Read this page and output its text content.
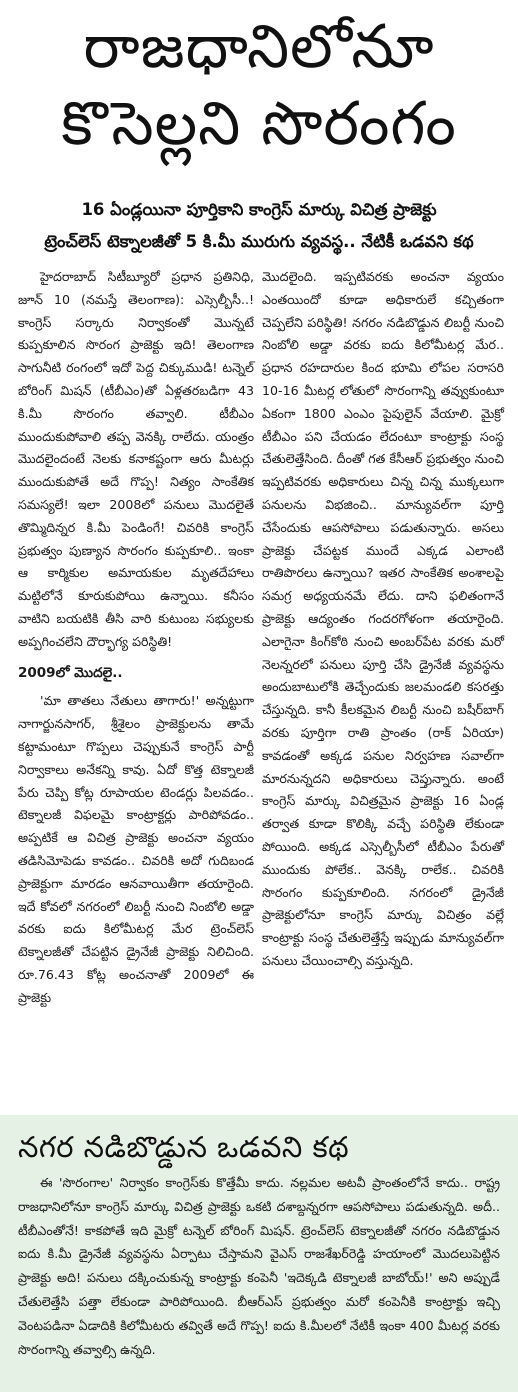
రాజధానిలోనూ
కొసెల్లని సొరంగం
16 ఏండ్లయినా పూర్తికాని కాంగ్రెస్ మార్కు విచిత్ర ప్రాజెక్టు
ట్రెంచ్‌లెస్ టెక్నాలజీతో 5 కి.మీ మురుగు వ్యవస్థ.. నేటికీ ఒడవని కథ

హైదరాబాద్ సిటీబ్యూరో ప్రధాన ప్రతినిధి, జూన్ 10 (నమస్తే తెలంగాణ): ఎస్సెల్బీసీ..! కాంగ్రెస్ సర్కారు నిర్వాకంతో మొన్నటే కుప్పకూలిన సొరంగ ప్రాజెక్టు ఇది! తెలంగాణ సాగునీటి రంగంలో ఇదో పెద్ద చిక్కుముడి! టన్నెల్ బోరింగ్ మిషన్ (టీబీఎం)తో ఏళ్లతరబడిగా 43 కి.మీ సొరంగం తవ్వాలి. టీబీఎం ముందుకుపోవాలి తప్ప వెనక్కి రాలేదు. యంత్రం మొదలైందంటే నెలకు కనాకష్టంగా ఆరు మీటర్లు ముందుకుపోతే అదే గొప్ప! నిత్యం సాంకేతిక సమస్యలే! ఇలా 2008లో పనులు మొదలైతే తొమ్మిదిన్నర కి.మీ పెండింగే! చివరికి కాంగ్రెస్ ప్రభుత్వం పుణ్యాన సొరంగం కుప్పకూలి.. ఇంకా ఆ కార్మికుల అమాయకుల మృతదేహాలు మట్టిలోనే కూరుకుపోయి ఉన్నాయి. కనీసం వాటిని బయటికి తీసి వారి కుటుంబ సభ్యులకు అప్పగించలేని దౌర్భాగ్య పరిస్థితి!

2009లో మొదలై..

'మా తాతలు నేతులు తాగారు!' అన్నట్టుగా నాగార్జునసాగర్, శ్రీశైలం ప్రాజెక్టులను తామే కట్టామంటూ గొప్పలు చెప్పుకునే కాంగ్రెస్ పార్టీ నిర్వాకాలు అనేకన్ని కావు. ఏదో కొత్త టెక్నాలజీ పేరు చెప్పి కోట్ల రూపాయల టెండర్లు పిలవడం.. టెక్నాలజీ విఫలమై కాంట్రాక్టర్లు పారిపోవడం.. అప్పటికే ఆ విచిత్ర ప్రాజెక్టు అంచనా వ్యయం తడిసిమోపెడు కావడం.. చివరికి అదో గుదిబండ ప్రాజెక్టుగా మారడం ఆనవాయితీగా తయారైంది. ఇదే కోవలో నగరంలో లిబర్టీ నుంచి నింబోలి అడ్డా వరకు ఐదు కిలోమీటర్ల మేర ట్రెంచ్‌లెస్ టెక్నాలజీతో చేపట్టిన డ్రైనేజీ ప్రాజెక్టు నిలిచింది. రూ.76.43 కోట్ల అంచనాతో 2009లో ఈ ప్రాజెక్టు

మొదలైంది. ఇప్పటివరకు అంచనా వ్యయం ఎంతయిందో కూడా అధికారులే కచ్చితంగా చెప్పలేని పరిస్థితి! నగరం నడిబొడ్డున లిబర్టీ నుంచి నింబోలి అడ్డా వరకు ఐదు కిలోమీటర్ల మేర.. ప్రధాన రహదారుల కింద భూమి లోపల సరాసరి 10-16 మీటర్ల లోతులో సొరంగాన్ని తవ్వుకుంటూ ఏకంగా 1800 ఎంఎం పైపులైన్ వేయాలి. మైక్రో టీబీఎం పని చేయడం లేదంటూ కాంట్రాక్టు సంస్థ చేతులెత్తేసింది. దీంతో గత కేసీఆర్ ప్రభుత్వం నుంచి ఇప్పటివరకు అధికారులు చిన్న చిన్న ముక్కలుగా పనులను విభజించి.. మాన్యువల్‌గా పూర్తి చేసేందుకు ఆపసోపాలు పడుతున్నారు. అసలు ప్రాజెక్టు చేపట్టక ముందే ఎక్కడ ఎలాంటి రాతిపొరలు ఉన్నాయి? ఇతర సాంకేతిక అంశాలపై సమగ్ర అధ్యయనమే లేదు. దాని ఫలితంగానే ప్రాజెక్టు ఆద్యంతం గందరగోళంగా తయారైంది. ఎలాగైనా కింగ్‌కోఠి నుంచి అంబర్‌పేట వరకు మరో నెలన్నరలో పనులు పూర్తి చేసి డ్రైనేజీ వ్యవస్థను అందుబాటులోకి తెచ్చేందుకు జలమండలి కసరత్తు చేస్తున్నది. కానీ కీలకమైన లిబర్టీ నుంచి బషీర్‌బాగ్ వరకు పూర్తిగా రాతి ప్రాంతం (రాక్ ఏరియా) కావడంతో అక్కడ పనుల నిర్వహణ సవాల్‌గా మారనున్నదని అధికారులు చెప్తున్నారు. అంటే కాంగ్రెస్ మార్కు విచిత్రమైన ప్రాజెక్టు 16 ఏండ్ల తర్వాత కూడా కొలిక్కి వచ్చే పరిస్థితి లేకుండా పోయింది. అక్కడ ఎస్సెల్బీసీలో టీబీఎం పేరుతో ముందుకు పోలేక.. వెనక్కి రాలేక.. చివరికి సొరంగం కుప్పకూలింది. నగరంలో డ్రైనేజీ ప్రాజెక్టులోనూ కాంగ్రెస్ మార్కు విచిత్రం వల్లే కాంట్రాక్టు సంస్థ చేతులెత్తేస్తే ఇప్పుడు మాన్యువల్‌గా పనులు చేయించాల్సి వస్తున్నది.

నగర నడిబొడ్డున ఒడవని కథ
ఈ 'సొరంగాల' నిర్వాకం కాంగ్రెస్‌కు కొత్తేమీ కాదు. నల్లమల అటవీ ప్రాంతంలోనే కాదు.. రాష్ట్ర రాజధానిలోనూ కాంగ్రెస్ మార్కు విచిత్ర ప్రాజెక్టు ఒకటి దశాబ్దన్నరగా ఆపసోపాలు పడుతున్నది. అదీ.. టీబీఎంతోనే! కాకపోతే ఇది మైక్రో టన్నెల్ బోరింగ్ మిషన్. ట్రెంచ్‌లెస్ టెక్నాలజీతో నగరం నడిబొడ్డున ఐదు కి.మీ డ్రైనేజీ వ్యవస్థను ఏర్పాటు చేస్తామని వైఎస్ రాజశేఖర్‌రెడ్డి హయాంలో మొదలుపెట్టిన ప్రాజెక్టు అది! పనులు దక్కించుకున్న కాంట్రాక్టు కంపెనీ 'ఇదెక్కడి టెక్నాలజీ బాబోయ్!' అని అప్పుడే చేతులెత్తేసి పత్తా లేకుండా పారిపోయింది. బీఆర్‌ఎస్ ప్రభుత్వం మరో కంపెనీకి కాంట్రాక్టు ఇచ్చి వెంటపడినా ఏడాదికి కిలోమీటరు తవ్వితే అదే గొప్ప! ఐదు కి.మీలలో నేటికీ ఇంకా 400 మీటర్ల వరకు సొరంగాన్ని తవ్వాల్సి ఉన్నది.
